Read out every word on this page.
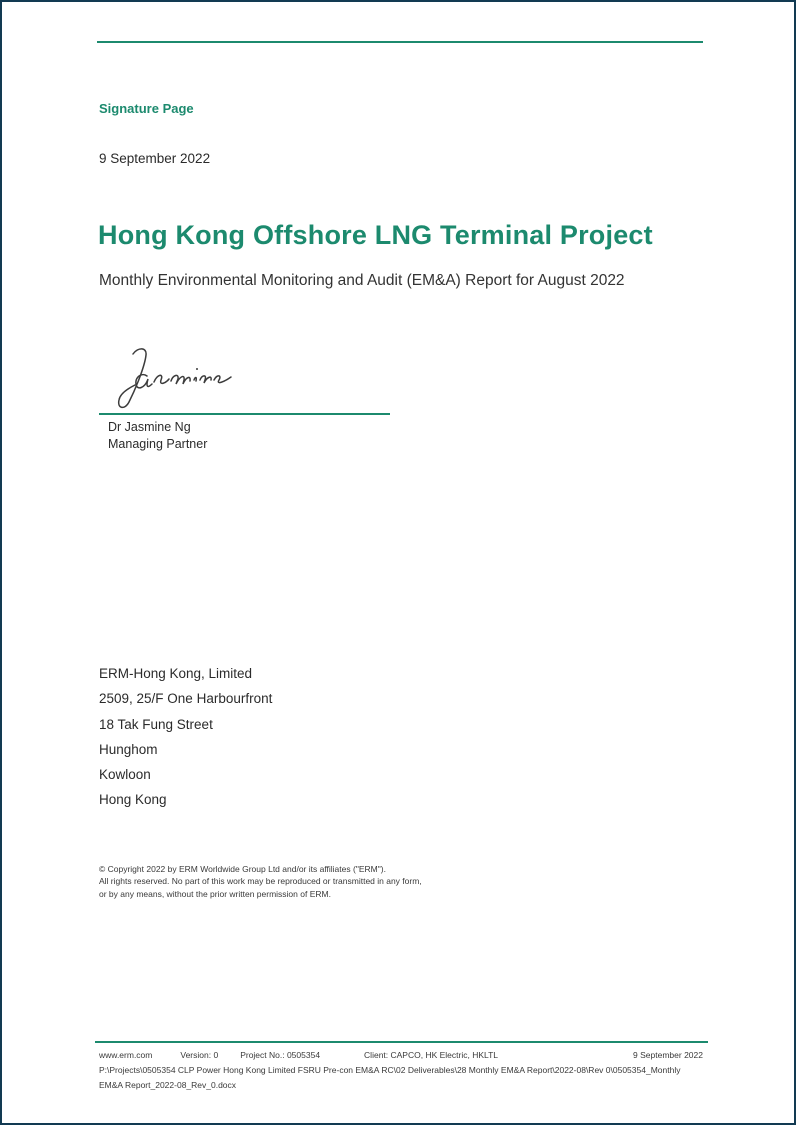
Signature Page
9 September 2022
Hong Kong Offshore LNG Terminal Project

Monthly Environmental Monitoring and Audit (EM&A) Report for August 2022

Dr Jasmine Ng
Managing Partner
ERM-Hong Kong, Limited
2509, 25/F One Harbourfront
18 Tak Fung Street
Hunghom
Kowloon
Hong Kong
© Copyright 2022 by ERM Worldwide Group Ltd and/or its affiliates ("ERM").
All rights reserved. No part of this work may be reproduced or transmitted in any form,
or by any means, without the prior written permission of ERM.
www.erm.com	Version: 0	Project No.: 0505354	Client: CAPCO, HK Electric, HKLTL	9 September 2022
P:\Projects\0505354 CLP Power Hong Kong Limited FSRU Pre-con EM&A RC\02 Deliverables\28 Monthly EM&A Report\2022-08\Rev 0\0505354_Monthly EM&A Report_2022-08_Rev_0.docx
